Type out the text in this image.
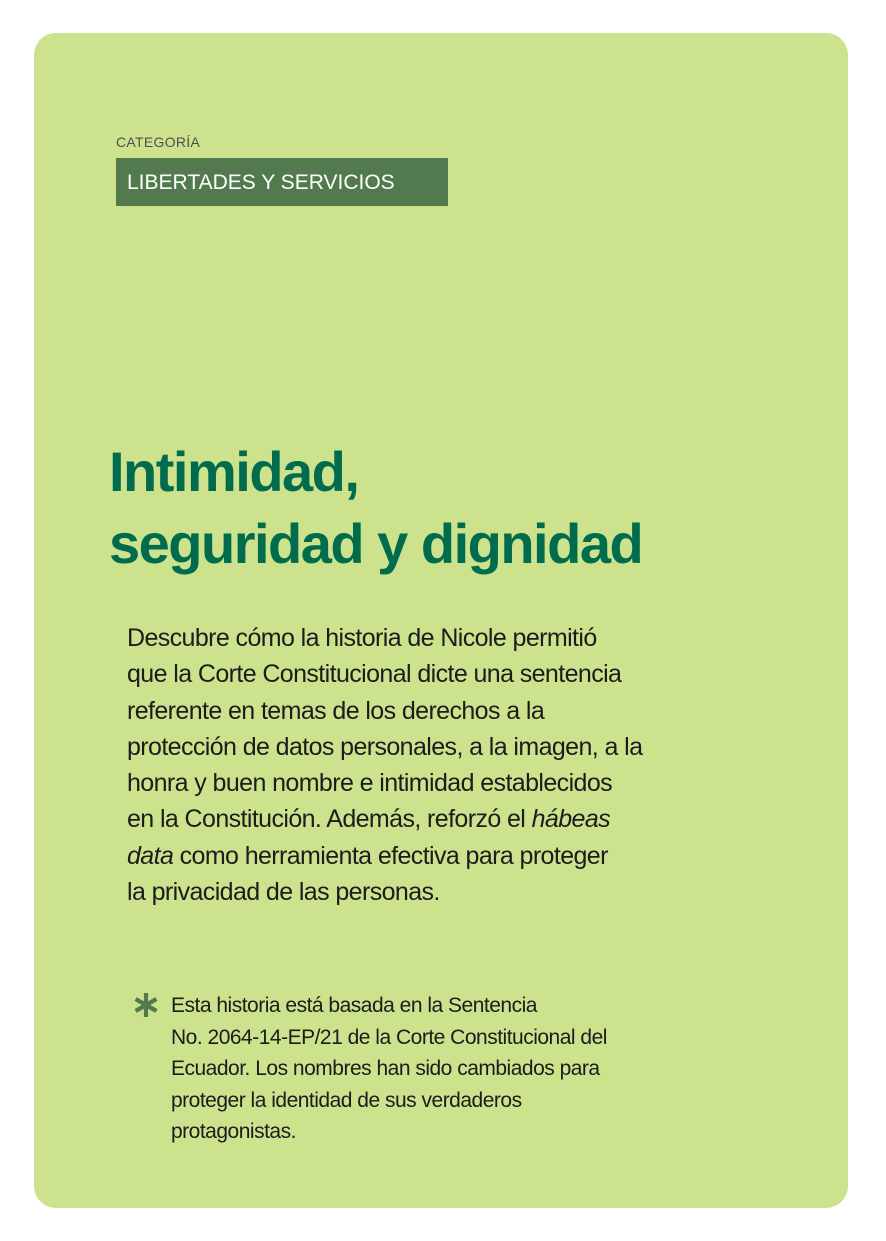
CATEGORÍA
LIBERTADES Y SERVICIOS
Intimidad,
seguridad y dignidad

Descubre cómo la historia de Nicole permitió
que la Corte Constitucional dicte una sentencia
referente en temas de los derechos a la
protección de datos personales, a la imagen, a la
honra y buen nombre e intimidad establecidos
en la Constitución. Además, reforzó el hábeas
data como herramienta efectiva para proteger
la privacidad de las personas.

Esta historia está basada en la Sentencia
No. 2064-14-EP/21 de la Corte Constitucional del
Ecuador. Los nombres han sido cambiados para
proteger la identidad de sus verdaderos
protagonistas.
